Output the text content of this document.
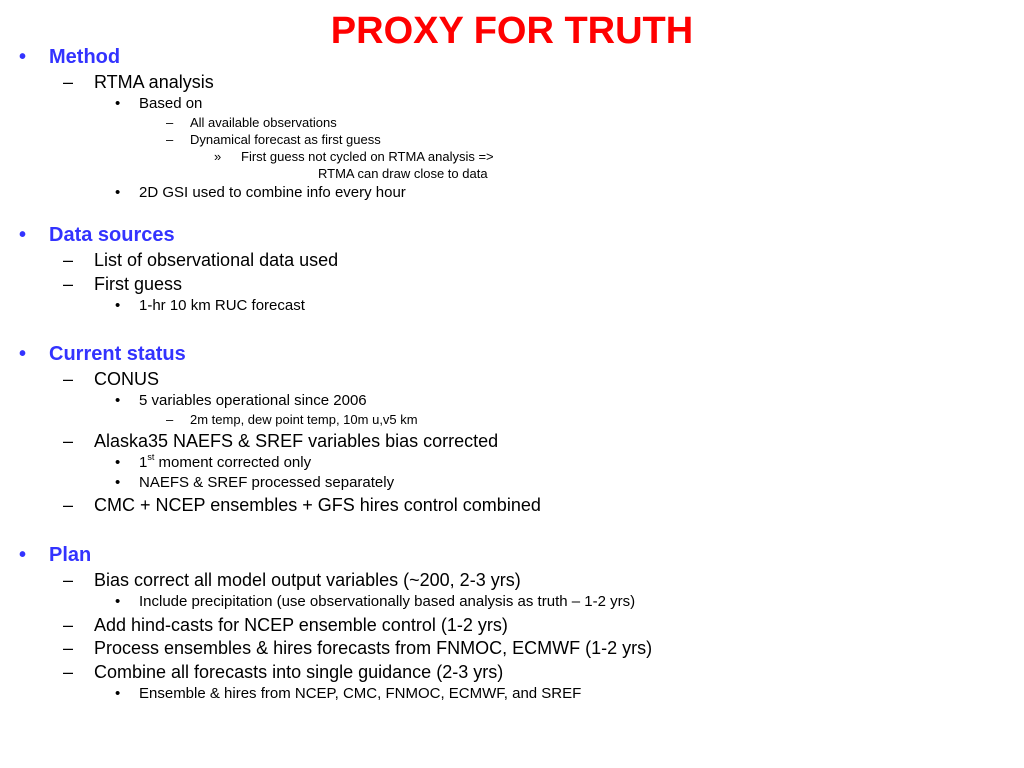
PROXY FOR TRUTH
• Method
– RTMA analysis
• Based on
– All available observations
– Dynamical forecast as first guess
» First guess not cycled on RTMA analysis =>
RTMA can draw close to data
• 2D GSI used to combine info every hour
• Data sources
– List of observational data used
– First guess
• 1-hr 10 km RUC forecast
• Current status
– CONUS
• 5 variables operational since 2006
– 2m temp, dew point temp, 10m u,v5 km
– Alaska35 NAEFS & SREF variables bias corrected
• 1st moment corrected only
• NAEFS & SREF processed separately
– CMC + NCEP ensembles + GFS hires control combined
• Plan
– Bias correct all model output variables (~200, 2-3 yrs)
• Include precipitation (use observationally based analysis as truth – 1-2 yrs)
– Add hind-casts for NCEP ensemble control (1-2 yrs)
– Process ensembles & hires forecasts from FNMOC, ECMWF (1-2 yrs)
– Combine all forecasts into single guidance (2-3 yrs)
• Ensemble & hires from NCEP, CMC, FNMOC, ECMWF, and SREF
